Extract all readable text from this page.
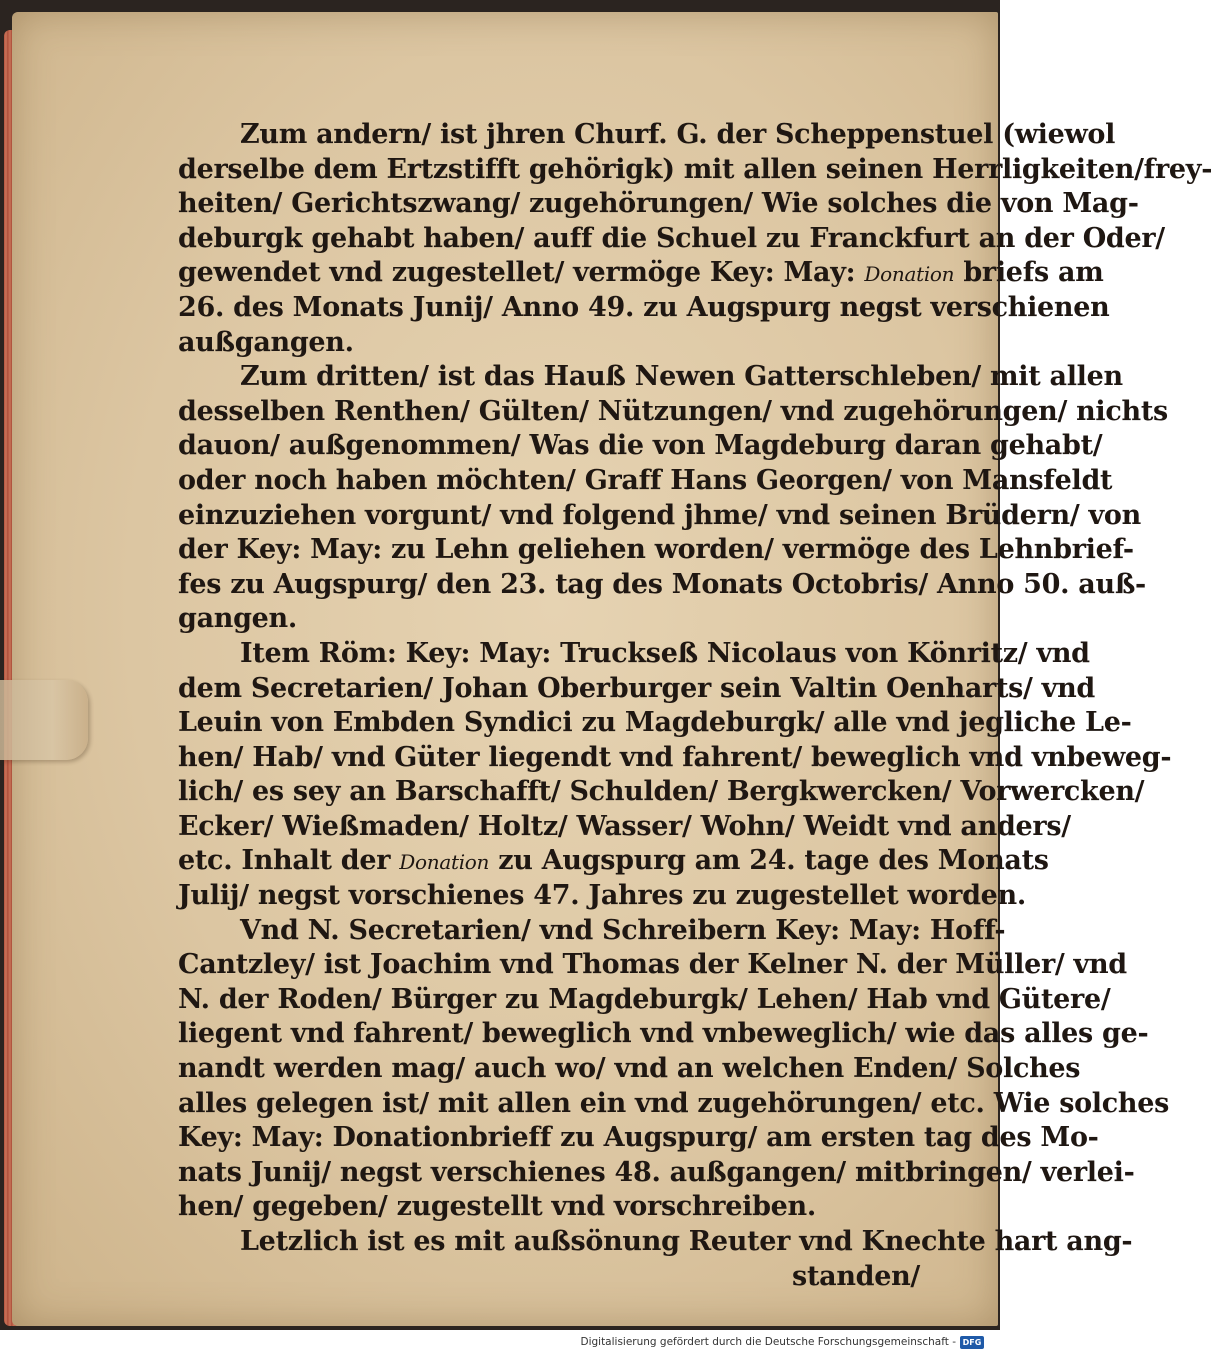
Zum andern/ ist jhren Churf. G. der Scheppenstuel (wiewol
derselbe dem Ertzstifft gehörigk) mit allen seinen Herrligkeiten/frey-
heiten/ Gerichtszwang/ zugehörungen/ Wie solches die von Mag-
deburgk gehabt haben/ auff die Schuel zu Franckfurt an der Oder/
gewendet vnd zugestellet/ vermöge Key: May: Donation briefs am
26. des Monats Junij/ Anno 49. zu Augspurg negst verschienen
außgangen.
Zum dritten/ ist das Hauß Newen Gatterschleben/ mit allen
desselben Renthen/ Gülten/ Nützungen/ vnd zugehörungen/ nichts
dauon/ außgenommen/ Was die von Magdeburg daran gehabt/
oder noch haben möchten/ Graff Hans Georgen/ von Mansfeldt
einzuziehen vorgunt/ vnd folgend jhme/ vnd seinen Brüdern/ von
der Key: May: zu Lehn geliehen worden/ vermöge des Lehnbrief-
fes zu Augspurg/ den 23. tag des Monats Octobris/ Anno 50. auß-
gangen.
Item Röm: Key: May: Truckseß Nicolaus von Könritz/ vnd
dem Secretarien/ Johan Oberburger sein Valtin Oenharts/ vnd
Leuin von Embden Syndici zu Magdeburgk/ alle vnd jegliche Le-
hen/ Hab/ vnd Güter liegendt vnd fahrent/ beweglich vnd vnbeweg-
lich/ es sey an Barschafft/ Schulden/ Bergkwercken/ Vorwercken/
Ecker/ Wießmaden/ Holtz/ Wasser/ Wohn/ Weidt vnd anders/
etc. Inhalt der Donation zu Augspurg am 24. tage des Monats
Julij/ negst vorschienes 47. Jahres zu zugestellet worden.
Vnd N. Secretarien/ vnd Schreibern Key: May: Hoff-
Cantzley/ ist Joachim vnd Thomas der Kelner N. der Müller/ vnd
N. der Roden/ Bürger zu Magdeburgk/ Lehen/ Hab vnd Gütere/
liegent vnd fahrent/ beweglich vnd vnbeweglich/ wie das alles ge-
nandt werden mag/ auch wo/ vnd an welchen Enden/ Solches
alles gelegen ist/ mit allen ein vnd zugehörungen/ etc. Wie solches
Key: May: Donationbrieff zu Augspurg/ am ersten tag des Mo-
nats Junij/ negst verschienes 48. außgangen/ mitbringen/ verlei-
hen/ gegeben/ zugestellt vnd vorschreiben.
Letzlich ist es mit außsönung Reuter vnd Knechte hart ang-
standen/
Digitalisierung gefördert durch die Deutsche Forschungsgemeinschaft - DFG
